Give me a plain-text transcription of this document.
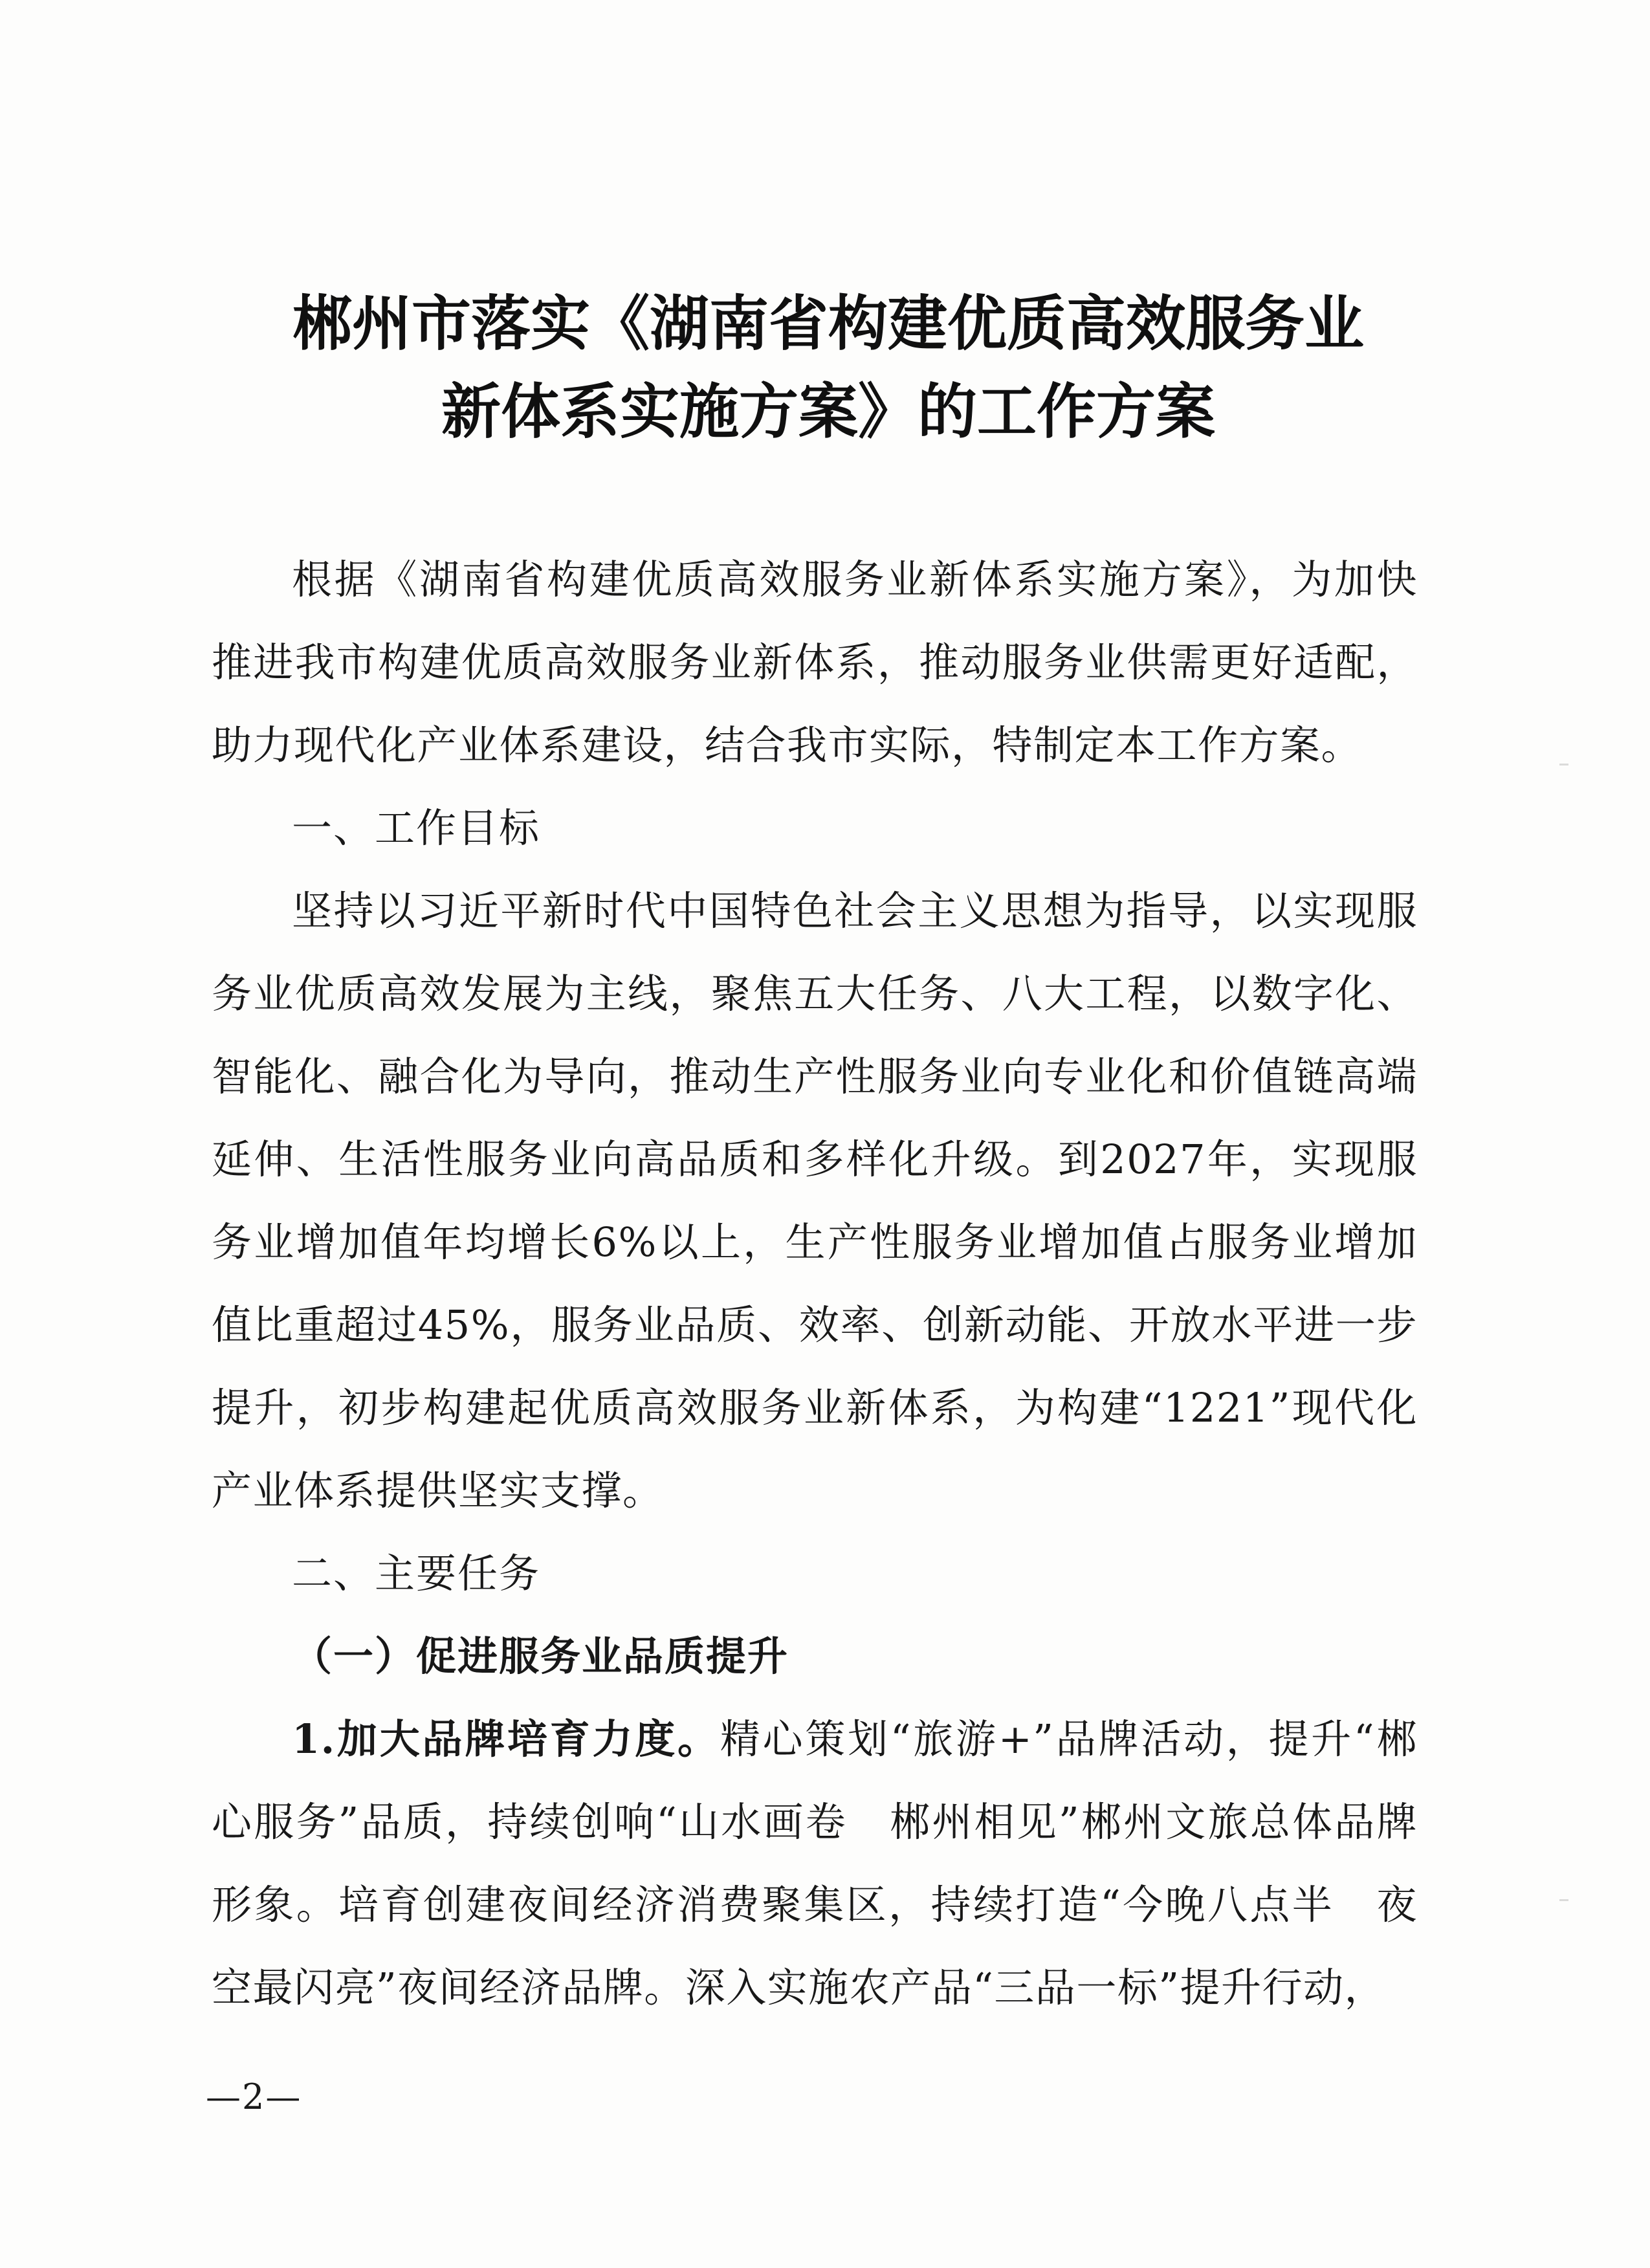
郴州市落实《湖南省构建优质高效服务业
新体系实施方案》的工作方案

根据《湖南省构建优质高效服务业新体系实施方案》，为加快推进我市构建优质高效服务业新体系，推动服务业供需更好适配，助力现代化产业体系建设，结合我市实际，特制定本工作方案。

一、工作目标

坚持以习近平新时代中国特色社会主义思想为指导，以实现服务业优质高效发展为主线，聚焦五大任务、八大工程，以数字化、智能化、融合化为导向，推动生产性服务业向专业化和价值链高端延伸、生活性服务业向高品质和多样化升级。到2027年，实现服务业增加值年均增长6%以上，生产性服务业增加值占服务业增加值比重超过45%，服务业品质、效率、创新动能、开放水平进一步提升，初步构建起优质高效服务业新体系，为构建“1221”现代化产业体系提供坚实支撑。

二、主要任务

（一）促进服务业品质提升

1.加大品牌培育力度。精心策划“旅游+”品牌活动，提升“郴心服务”品质，持续创响“山水画卷　郴州相见”郴州文旅总体品牌形象。培育创建夜间经济消费聚集区，持续打造“今晚八点半　夜空最闪亮”夜间经济品牌。深入实施农产品“三品一标”提升行动，

—2—
